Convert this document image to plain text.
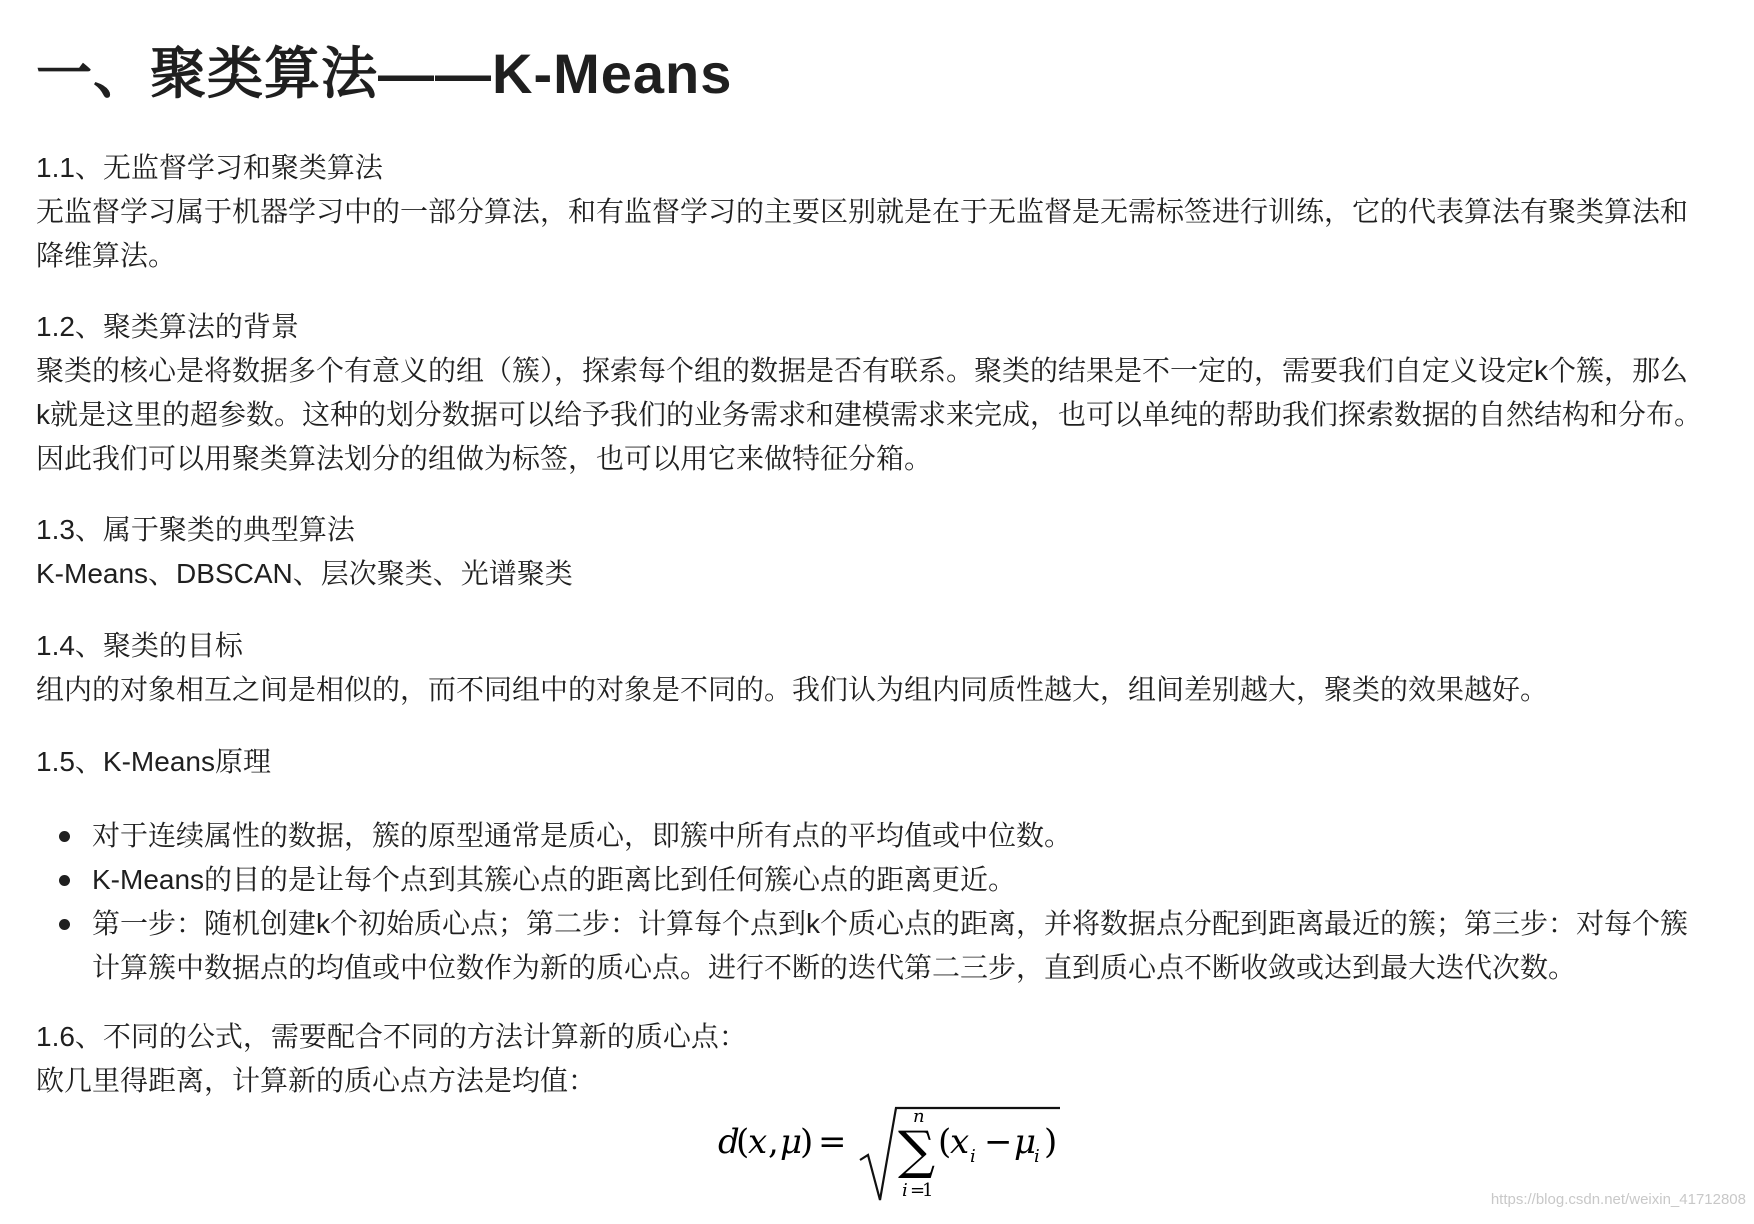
一、聚类算法——K-Means
1.1、无监督学习和聚类算法
无监督学习属于机器学习中的一部分算法，和有监督学习的主要区别就是在于无监督是无需标签进行训练，它的代表算法有聚类算法和
降维算法。
1.2、聚类算法的背景
聚类的核心是将数据多个有意义的组（簇），探索每个组的数据是否有联系。聚类的结果是不一定的，需要我们自定义设定k个簇，那么
k就是这里的超参数。这种的划分数据可以给予我们的业务需求和建模需求来完成，也可以单纯的帮助我们探索数据的自然结构和分布。
因此我们可以用聚类算法划分的组做为标签，也可以用它来做特征分箱。
1.3、属于聚类的典型算法
K-Means、DBSCAN、层次聚类、光谱聚类
1.4、聚类的目标
组内的对象相互之间是相似的，而不同组中的对象是不同的。我们认为组内同质性越大，组间差别越大，聚类的效果越好。
1.5、K-Means原理
对于连续属性的数据，簇的原型通常是质心，即簇中所有点的平均值或中位数。
K-Means的目的是让每个点到其簇心点的距离比到任何簇心点的距离更近。
第一步：随机创建k个初始质心点；第二步：计算每个点到k个质心点的距离，并将数据点分配到距离最近的簇；第三步：对每个簇
计算簇中数据点的均值或中位数作为新的质心点。进行不断的迭代第二三步，直到质心点不断收敛或达到最大迭代次数。
1.6、不同的公式，需要配合不同的方法计算新的质心点：
欧几里得距离，计算新的质心点方法是均值：
d
(
x , μ
) =
n
∑
i =
1
(
x i − μ
i )
https://blog.csdn.net/weixin_41712808
